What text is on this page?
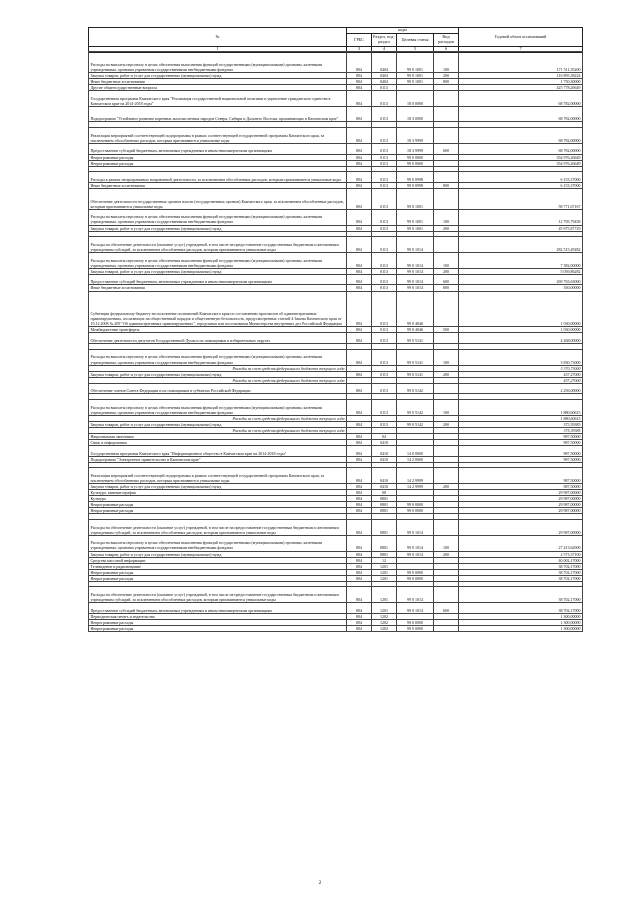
№	коды				Годовой объем ассигнований
	ГРБС	Раздел, под-раздел	Целевая статья	Вид расходов	
1	3	4	5	6	7
Расходы на выплаты персоналу в целях обеспечения выполнения функций государственными (муниципальными) органами, казенными учреждениями, органами управления государственными внебюджетными фондами	804	0404	99 0 1001	100	171 511,35200
Закупка товаров, работ и услуг для государственных (муниципальных) нужд	804	0404	99 0 1001	200	116 895,38224
Иные бюджетные ассигнования	804	0404	99 0 1001	800	1 750,30000
Другие общегосударственные вопросы	804	0113			425 778,26649
Государственная программа Камчатского края "Реализация государственной национальной политики и укрепление гражданского единства в Камчатском крае на 2014-2018 годы"	804	0113	18 0 0000		68 782,00000
Подпрограмма "Устойчивое развитие коренных малочисленных народов Севера, Сибири и Дальнего Востока, проживающих в Камчатском крае"	804	0113	18 3 0000		68 782,00000

Реализация мероприятий соответствующей подпрограммы в рамках соответствующей государственной программы Камчатского края, за исключением обособленных расходов, которым присваиваются уникальные коды	804	0113	18 3 9999		68 782,00000
Предоставление субсидий бюджетным, автономным учреждениям и иным некоммерческим организациям	804	0113	18 3 9999	600	68 782,00000
Непрограммные расходы	804	0113	99 0 0000		354 976,26649
Непрограммные расходы	804	0113	99 0 0000		354 976,26649

Расходы в рамках непрограммных направлений деятельности, за исключением обособленных расходов, которым присваиваются уникальные коды	804	0113	99 0 0998		6 153,37000
Иные бюджетные ассигнования	804	0113	99 0 0998	800	6 153,37000
Обеспечение деятельности государственных органов власти (государственных органов) Камчатского края, за исключением обособленных расходов, которым присваиваются уникальные коды	804	0113	99 0 1001		58 771,67167
Расходы на выплаты персоналу в целях обеспечения выполнения функций государственными (муниципальными) органами, казенными учреждениями, органами управления государственными внебюджетными фондами	804	0113	99 0 1001	100	12 795,79438
Закупка товаров, работ и услуг для государственных (муниципальных) нужд	804	0113	99 0 1001	200	45 975,87729

Расходы на обеспечение деятельности (оказание услуг) учреждений, в том числе на предоставление государственным бюджетным и автономным учреждениям субсидий, за исключением обособленных расходов, которым присваиваются уникальные коды	804	0113	99 0 1014		282 515,49282
Расходы на выплаты персоналу в целях обеспечения выполнения функций государственными (муниципальными) органами, казенными учреждениями, органами управления государственными внебюджетными фондами	804	0113	99 0 1014	100	7 382,00000
Закупка товаров, работ и услуг для государственных (муниципальных) нужд	804	0113	99 0 1014	200	5 059,86282
Предоставление субсидий бюджетным, автономным учреждениям и иным некоммерческим организациям	804	0113	99 0 1014	600	269 763,63000
Иные бюджетные ассигнования	804	0113	99 0 1014	800	350,00000
Субвенции федеральному бюджету на исполнение полномочий Камчатского края по составлению протоколов об административных правонарушениях, посягающих на общественный порядок и общественную безопасность, предусмотренных статьей 4 Закона Камчатского края от 19.12.2008 № 209 "Об административных правонарушениях", городскими или поселковыми Министерства внутренних дел Российской Федерации	804	0113	99 0 4046		1 030,00000
Межбюджетные трансферты	804	0113	99 0 4046	500	1 030,00000
Обеспечение деятельности депутатов Государственной Думы и их помощников в избирательных округах	804	0113	99 0 5141		4 268,00000

Расходы на выплаты персоналу в целях обеспечения выполнения функций государственными (муниципальными) органами, казенными учреждениями, органами управления государственными внебюджетными фондами	804	0113	99 0 5141	100	3 830,73000
Расходы за счет средств федерального бюджета текущего года					3 370,73000
Закупка товаров, работ и услуг для государственных (муниципальных) нужд	804	0113	99 0 5141	200	437,27000
Расходы за счет средств федерального бюджета текущего года					437,27000
Обеспечение членов Совета Федерации и их помощников в субъектах Российской Федерации	804	0113	99 0 5142		2 256,00000

Расходы на выплаты персоналу в целях обеспечения выполнения функций государственными (муниципальными) органами, казенными учреждениями, органами управления государственными внебюджетными фондами	804	0113	99 0 5142	100	1 880,60615
Расходы за счет средств федерального бюджета текущего года					1 880,60615
Закупка товаров, работ и услуг для государственных (муниципальных) нужд	804	0113	99 0 5142	200	375,39385
Расходы за счет средств федерального бюджета текущего года					375,39385
Национальная экономика	804	04			987,50000
Связь и информатика	804	0410			987,50000
Государственная программа Камчатского края "Информационное общество в Камчатском крае на 2014-2018 годы"	804	0410	14 0 0000		987,50000
Подпрограмма "Электронное правительство в Камчатском крае"	804	0410	14 2 0000		987,50000

Реализация мероприятий соответствующей подпрограммы в рамках соответствующей государственной программы Камчатского края, за исключением обособленных расходов, которым присваиваются уникальные коды	804	0410	14 2 9999		987,50000
Закупка товаров, работ и услуг для государственных (муниципальных) нужд	804	0410	14 2 9999	200	987,50000
Культура, кинематография	804	08			29 987,00000
Культура	804	0801			29 987,00000
Непрограммные расходы	804	0801	99 0 0000		29 987,00000
Непрограммные расходы	804	0801	99 0 0000		29 987,00000

Расходы на обеспечение деятельности (оказание услуг) учреждений, в том числе на предоставление государственным бюджетным и автономным учреждениям субсидий, за исключением обособленных расходов, которым присваиваются уникальные коды	804	0801	99 0 1014		29 987,00000
Расходы на выплаты персоналу в целях обеспечения выполнения функций государственными (муниципальными) органами, казенными учреждениями, органами управления государственными внебюджетными фондами	804	0801	99 0 1014	100	27 413,62900
Закупка товаров, работ и услуг для государственных (муниципальных) нужд	804	0801	99 0 1014	200	2 573,37100
Средства массовой информации	804	12			40 002,17000
Телевидение и радиовещание	804	1201			38 702,17000
Непрограммные расходы	804	1201	99 0 0000		38 702,17000
Непрограммные расходы	804	1201	99 0 0000		38 702,17000

Расходы на обеспечение деятельности (оказание услуг) учреждений, в том числе на предоставление государственным бюджетным и автономным учреждениям субсидий, за исключением обособленных расходов, которым присваиваются уникальные коды	804	1201	99 0 1014		38 702,17000
Предоставление субсидий бюджетным, автономным учреждениям и иным некоммерческим организациям	804	1201	99 0 1014	600	38 702,17000
Периодическая печать и издательства	804	1202			1 300,00000
Непрограммные расходы	804	1202	99 0 0000		1 300,00000
Непрограммные расходы	804	1202	99 0 0000		1 300,00000
2
